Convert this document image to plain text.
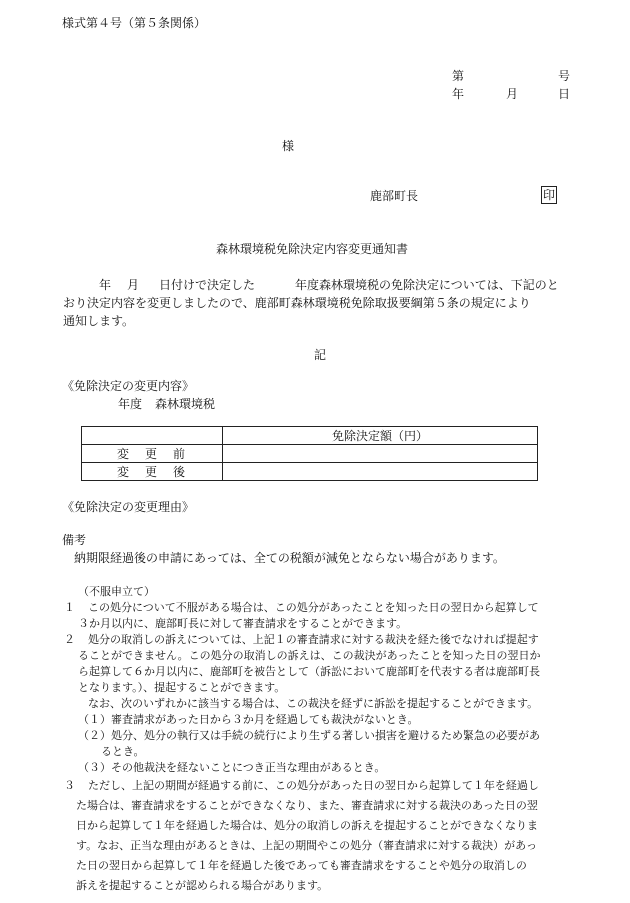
様式第４号（第５条関係）
第	号
年	月	日
様
鹿部町長	印
森林環境税免除決定内容変更通知書
年 月 日付けで決定した	年度森林環境税の免除決定については、下記のと
おり決定内容を変更しましたので、鹿部町森林環境税免除取扱要綱第５条の規定により
通知します。
記
《免除決定の変更内容》
年度 森林環境税
	免除決定額（円）
変　更　前	
変　更　後	
《免除決定の変更理由》
備考
納期限経過後の申請にあっては、全ての税額が減免とならない場合があります。
（不服申立て）
１ この処分について不服がある場合は、この処分があったことを知った日の翌日から起算して
３か月以内に、鹿部町長に対して審査請求をすることができます。
２ 処分の取消しの訴えについては、上記１の審査請求に対する裁決を経た後でなければ提起す
ることができません。この処分の取消しの訴えは、この裁決があったことを知った日の翌日か
ら起算して６か月以内に、鹿部町を被告として（訴訟において鹿部町を代表する者は鹿部町長
となります。）、提起することができます。
なお、次のいずれかに該当する場合は、この裁決を経ずに訴訟を提起することができます。
（１）審査請求があった日から３か月を経過しても裁決がないとき。
（２）処分、処分の執行又は手続の続行により生ずる著しい損害を避けるため緊急の必要があ
るとき。
（３）その他裁決を経ないことにつき正当な理由があるとき。
３ ただし、上記の期間が経過する前に、この処分があった日の翌日から起算して１年を経過し
た場合は、審査請求をすることができなくなり、また、審査請求に対する裁決のあった日の翌
日から起算して１年を経過した場合は、処分の取消しの訴えを提起することができなくなりま
す。なお、正当な理由があるときは、上記の期間やこの処分（審査請求に対する裁決）があっ
た日の翌日から起算して１年を経過した後であっても審査請求をすることや処分の取消しの
訴えを提起することが認められる場合があります。
